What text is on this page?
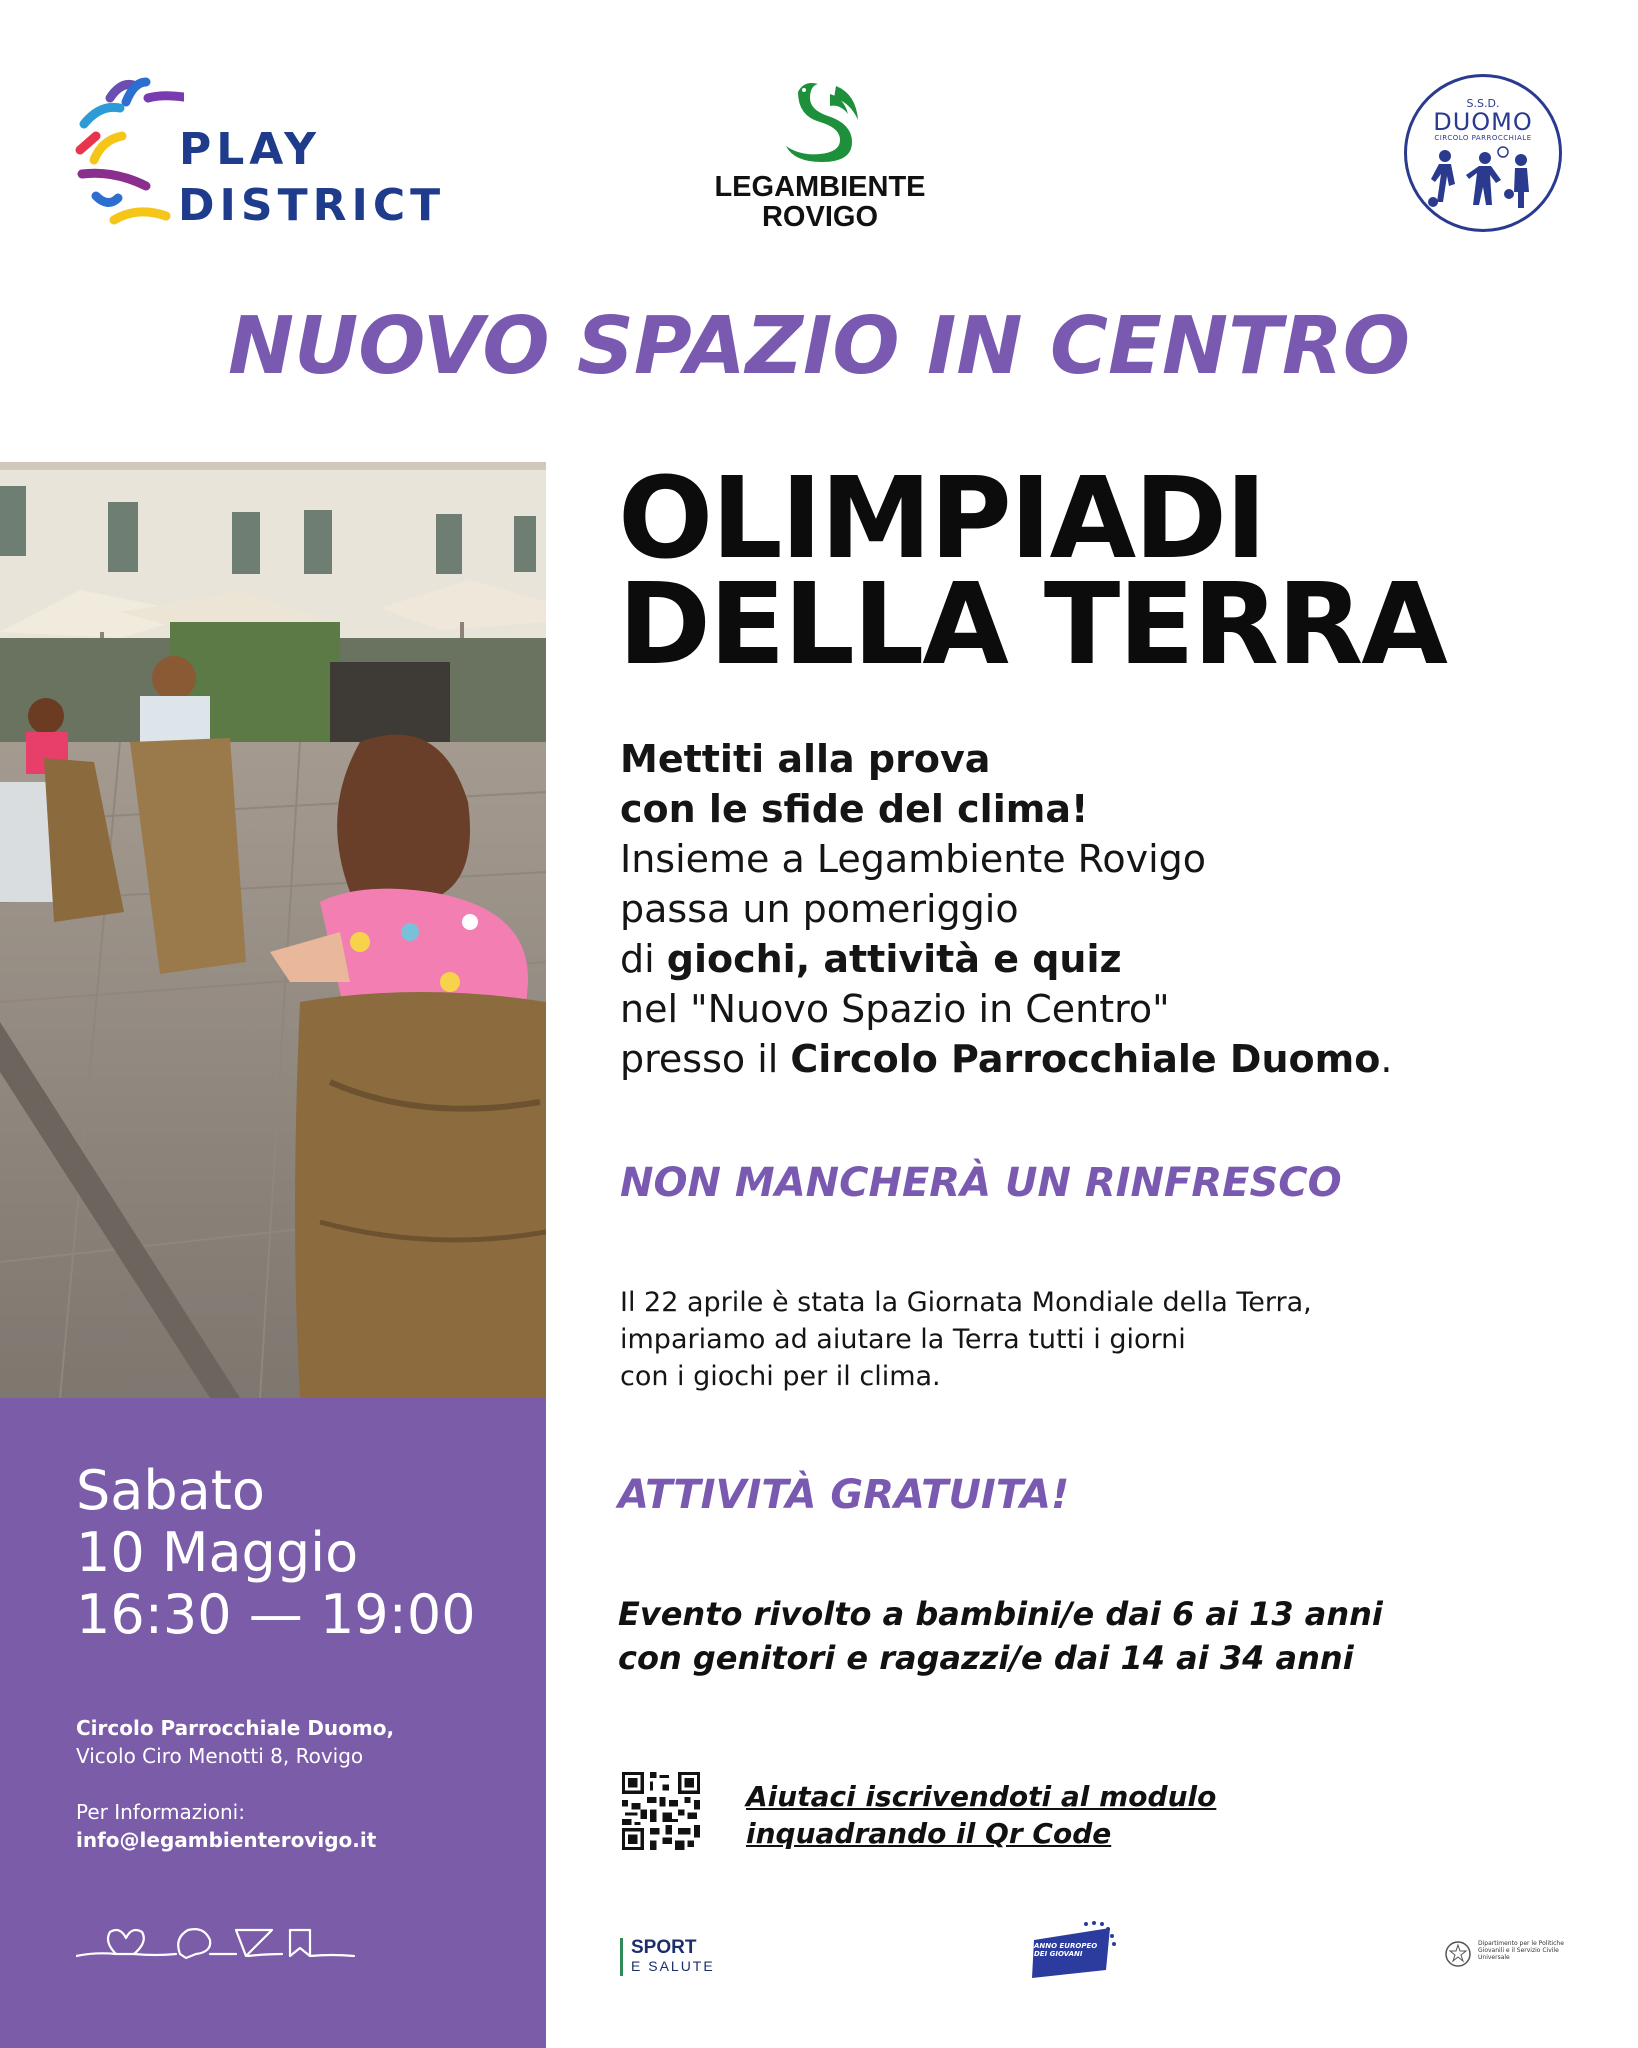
PLAY
DISTRICT	LEGAMBIENTE
ROVIGO
S.S.D.
DUOMO
CIRCOLO PARROCCHIALE
NUOVO SPAZIO IN CENTRO
Sabato
10 Maggio
16:30 — 19:00
Circolo Parrocchiale Duomo,
Vicolo Ciro Menotti 8, Rovigo
Per Informazioni:
info@legambienterovigo.it
OLIMPIADI
DELLA TERRA
Mettiti alla prova
con le sfide del clima!
Insieme a Legambiente Rovigo
passa un pomeriggio
di giochi, attività e quiz
nel "Nuovo Spazio in Centro"
presso il Circolo Parrocchiale Duomo.
NON MANCHERÀ UN RINFRESCO
Il 22 aprile è stata la Giornata Mondiale della Terra,
impariamo ad aiutare la Terra tutti i giorni
con i giochi per il clima.
ATTIVITÀ GRATUITA!
Evento rivolto a bambini/e dai 6 ai 13 anni
con genitori e ragazzi/e dai 14 ai 34 anni
Aiutaci iscrivendoti al modulo
inquadrando il Qr Code
SPORT
E SALUTE
ANNO EUROPEO DEI GIOVANI
Dipartimento per le Politiche Giovanili e il Servizio Civile Universale
